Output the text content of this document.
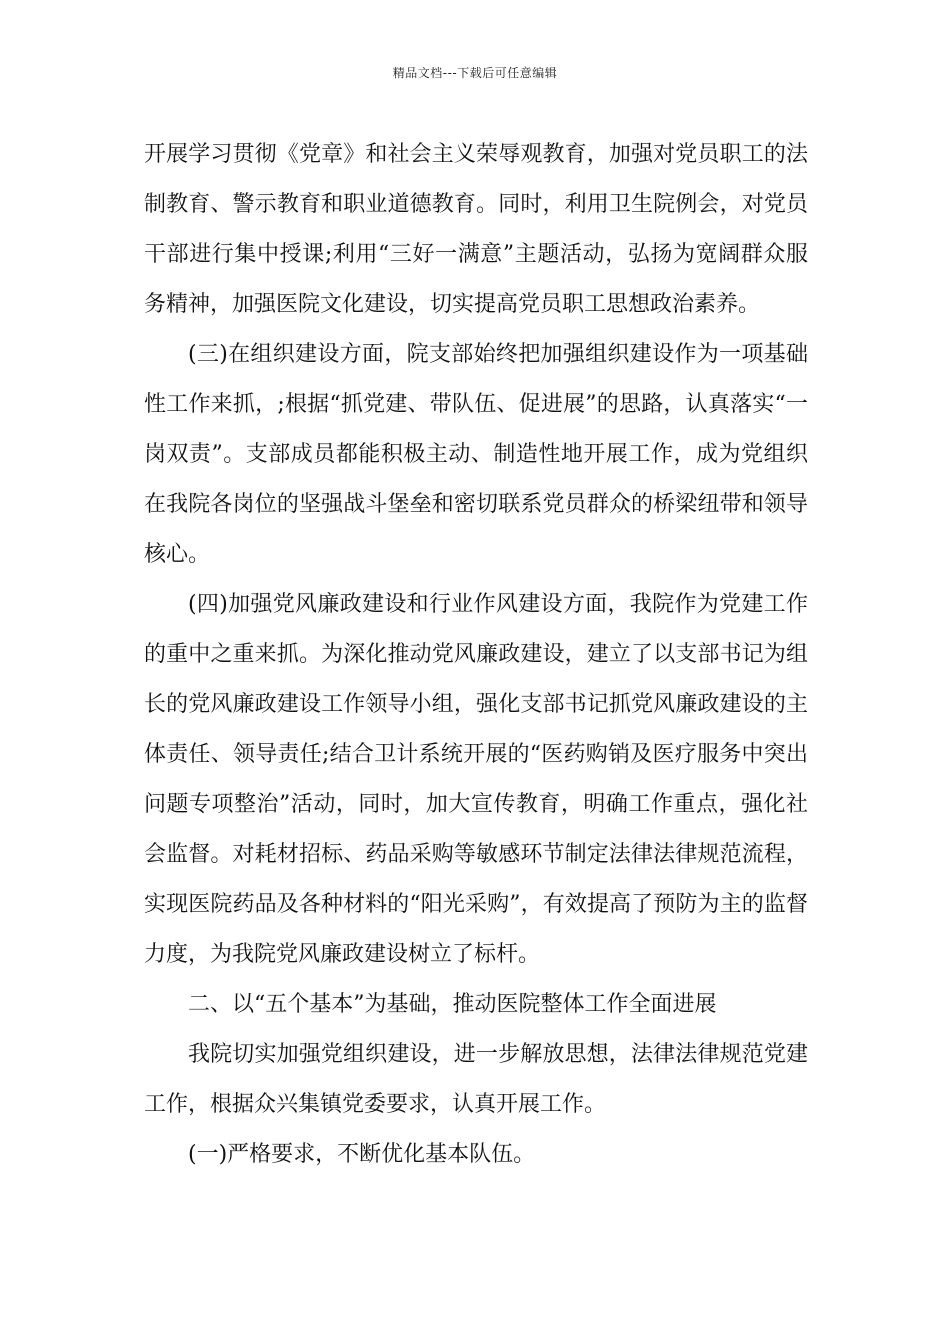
精品文档---下载后可任意编辑

开展学习贯彻《党章》和社会主义荣辱观教育，加强对党员职工的法制教育、警示教育和职业道德教育。同时，利用卫生院例会，对党员干部进行集中授课;利用“三好一满意”主题活动，弘扬为宽阔群众服务精神，加强医院文化建设，切实提高党员职工思想政治素养。

(三)在组织建设方面，院支部始终把加强组织建设作为一项基础性工作来抓，;根据“抓党建、带队伍、促进展”的思路，认真落实“一岗双责”。支部成员都能积极主动、制造性地开展工作，成为党组织在我院各岗位的坚强战斗堡垒和密切联系党员群众的桥梁纽带和领导核心。

(四)加强党风廉政建设和行业作风建设方面，我院作为党建工作的重中之重来抓。为深化推动党风廉政建设，建立了以支部书记为组长的党风廉政建设工作领导小组，强化支部书记抓党风廉政建设的主体责任、领导责任;结合卫计系统开展的“医药购销及医疗服务中突出问题专项整治”活动，同时，加大宣传教育，明确工作重点，强化社会监督。对耗材招标、药品采购等敏感环节制定法律法律规范流程，实现医院药品及各种材料的“阳光采购”，有效提高了预防为主的监督力度，为我院党风廉政建设树立了标杆。

二、以“五个基本”为基础，推动医院整体工作全面进展

我院切实加强党组织建设，进一步解放思想，法律法律规范党建工作，根据众兴集镇党委要求，认真开展工作。

(一)严格要求，不断优化基本队伍。
